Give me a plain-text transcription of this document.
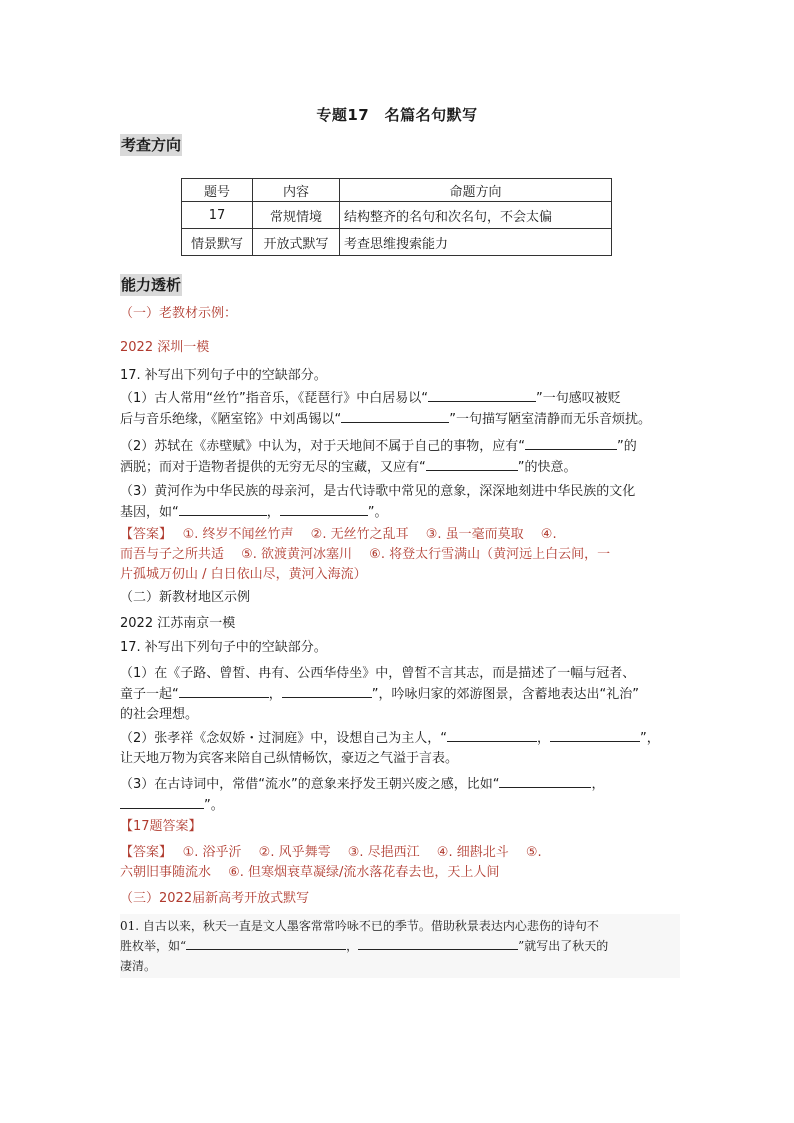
专题17　名篇名句默写
考查方向
题号	内容	命题方向
17	常规情境	结构整齐的名句和次名句，不会太偏
情景默写	开放式默写	考查思维搜索能力
能力透析
（一）老教材示例：
2022 深圳一模
17. 补写出下列句子中的空缺部分。
（1）古人常用“丝竹”指音乐，《琵琶行》中白居易以“	”一句感叹被贬
后与音乐绝缘，《陋室铭》中刘禹锡以“	”一句描写陋室清静而无乐音烦扰。
（2）苏轼在《赤壁赋》中认为，对于天地间不属于自己的事物，应有“	”的
洒脱；而对于造物者提供的无穷无尽的宝藏，又应有“	”的快意。
（3）黄河作为中华民族的母亲河，是古代诗歌中常见的意象，深深地刻进中华民族的文化
基因，如“	，	”。
【答案】　 ①. 终岁不闻丝竹声　 ②. 无丝竹之乱耳　 ③. 虽一毫而莫取　 ④.
而吾与子之所共适　 ⑤. 欲渡黄河冰塞川　 ⑥. 将登太行雪满山（黄河远上白云间，一
片孤城万仞山 / 白日依山尽，黄河入海流）
（二）新教材地区示例
2022 江苏南京一模
17. 补写出下列句子中的空缺部分。
（1）在《子路、曾皙、冉有、公西华侍坐》中，曾皙不言其志，而是描述了一幅与冠者、
童子一起“	，	”，吟咏归家的郊游图景，含蓄地表达出“礼治”
的社会理想。
（2）张孝祥《念奴娇・过洞庭》中，设想自己为主人，“	，	”，
让天地万物为宾客来陪自己纵情畅饮，豪迈之气溢于言表。
（3）在古诗词中，常借“流水”的意象来抒发王朝兴废之感，比如“	，
”。
【17题答案】
【答案】　 ①. 浴乎沂　 ②. 风乎舞雩　 ③. 尽挹西江　 ④. 细斟北斗　 ⑤.
六朝旧事随流水　 ⑥. 但寒烟衰草凝绿/流水落花春去也，天上人间
（三）2022届新高考开放式默写
01. 自古以来，秋天一直是文人墨客常常吟咏不已的季节。借助秋景表达内心悲伤的诗句不
胜枚举，如“	，	”就写出了秋天的
凄清。
